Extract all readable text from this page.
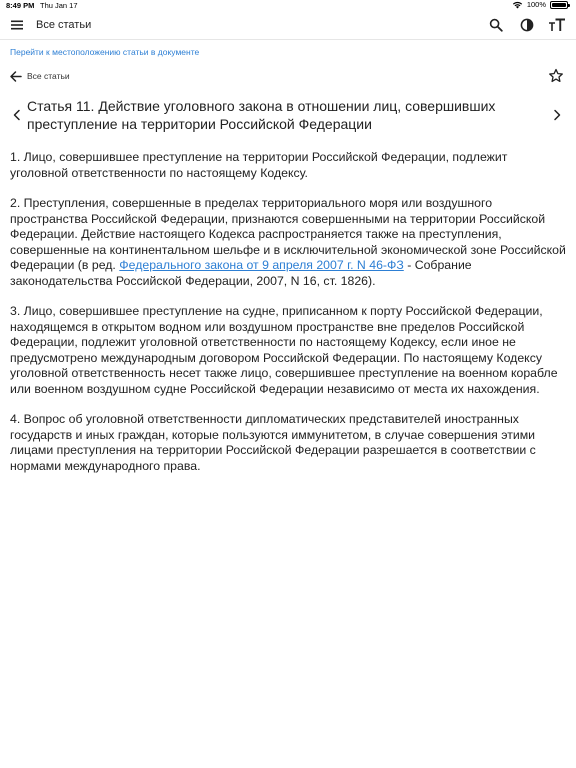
8:49 PM Thu Jan 17	100%
Все статьи
Перейти к местоположению статьи в документе
Все статьи
Статья 11. Действие уголовного закона в отношении лиц, совершивших преступление на территории Российской Федерации

1. Лицо, совершившее преступление на территории Российской Федерации, подлежит уголовной ответственности по настоящему Кодексу.

2. Преступления, совершенные в пределах территориального моря или воздушного пространства Российской Федерации, признаются совершенными на территории Российской Федерации. Действие настоящего Кодекса распространяется также на преступления, совершенные на континентальном шельфе и в исключительной экономической зоне Российской Федерации (в ред. Федерального закона от 9 апреля 2007 г. N 46-ФЗ - Собрание законодательства Российской Федерации, 2007, N 16, ст. 1826).

3. Лицо, совершившее преступление на судне, приписанном к порту Российской Федерации, находящемся в открытом водном или воздушном пространстве вне пределов Российской Федерации, подлежит уголовной ответственности по настоящему Кодексу, если иное не предусмотрено международным договором Российской Федерации. По настоящему Кодексу уголовной ответственность несет также лицо, совершившее преступление на военном корабле или военном воздушном судне Российской Федерации независимо от места их нахождения.

4. Вопрос об уголовной ответственности дипломатических представителей иностранных государств и иных граждан, которые пользуются иммунитетом, в случае совершения этими лицами преступления на территории Российской Федерации разрешается в соответствии с нормами международного права.
